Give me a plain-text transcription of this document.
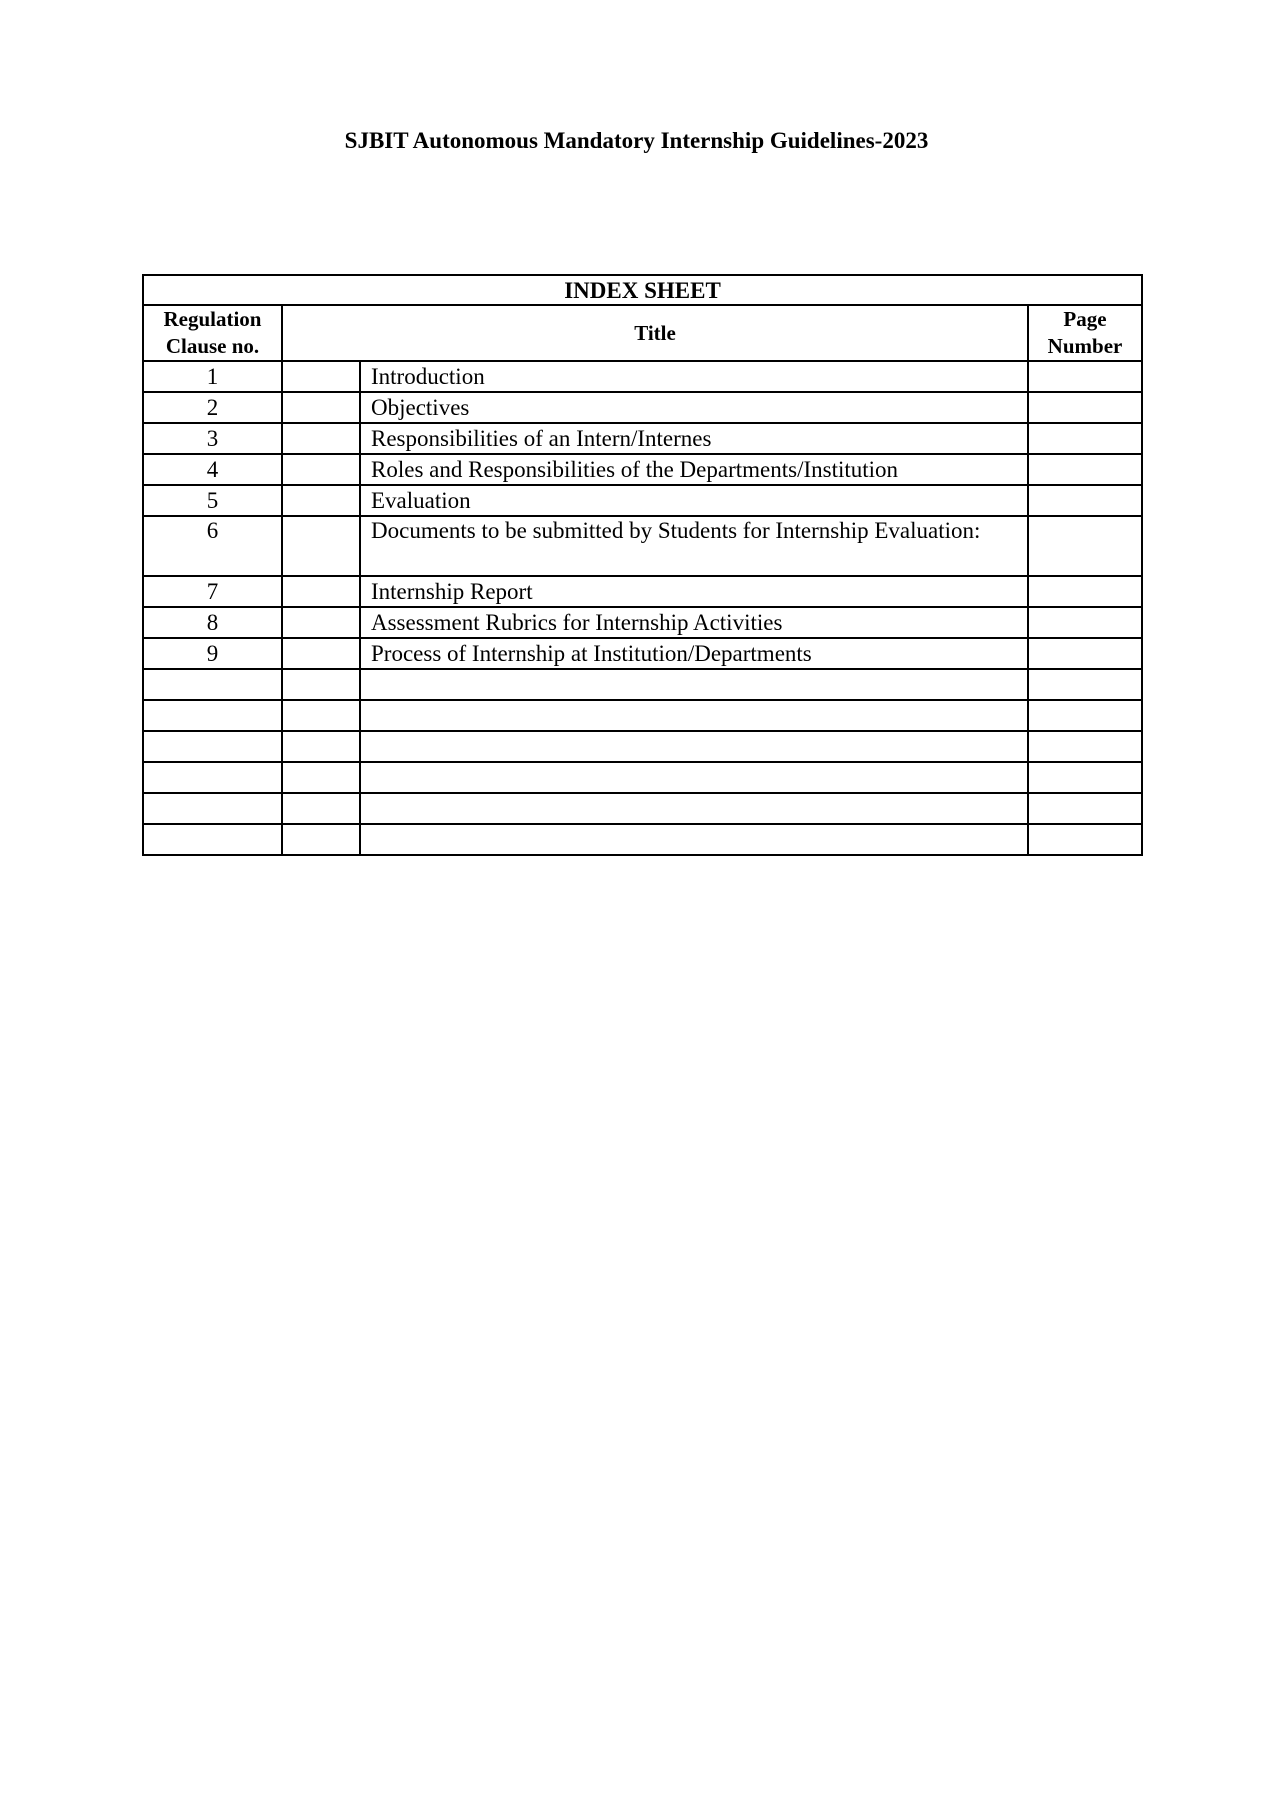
SJBIT Autonomous Mandatory Internship Guidelines-2023
INDEX SHEET			
Regulation Clause no.	Title		Page Number
1		Introduction	
2		Objectives	
3		Responsibilities of an Intern/Internes	
4		Roles and Responsibilities of the Departments/Institution	
5		Evaluation	
6		Documents to be submitted by Students for Internship Evaluation:	
7		Internship Report	
8		Assessment Rubrics for Internship Activities	
9		Process of Internship at Institution/Departments	
